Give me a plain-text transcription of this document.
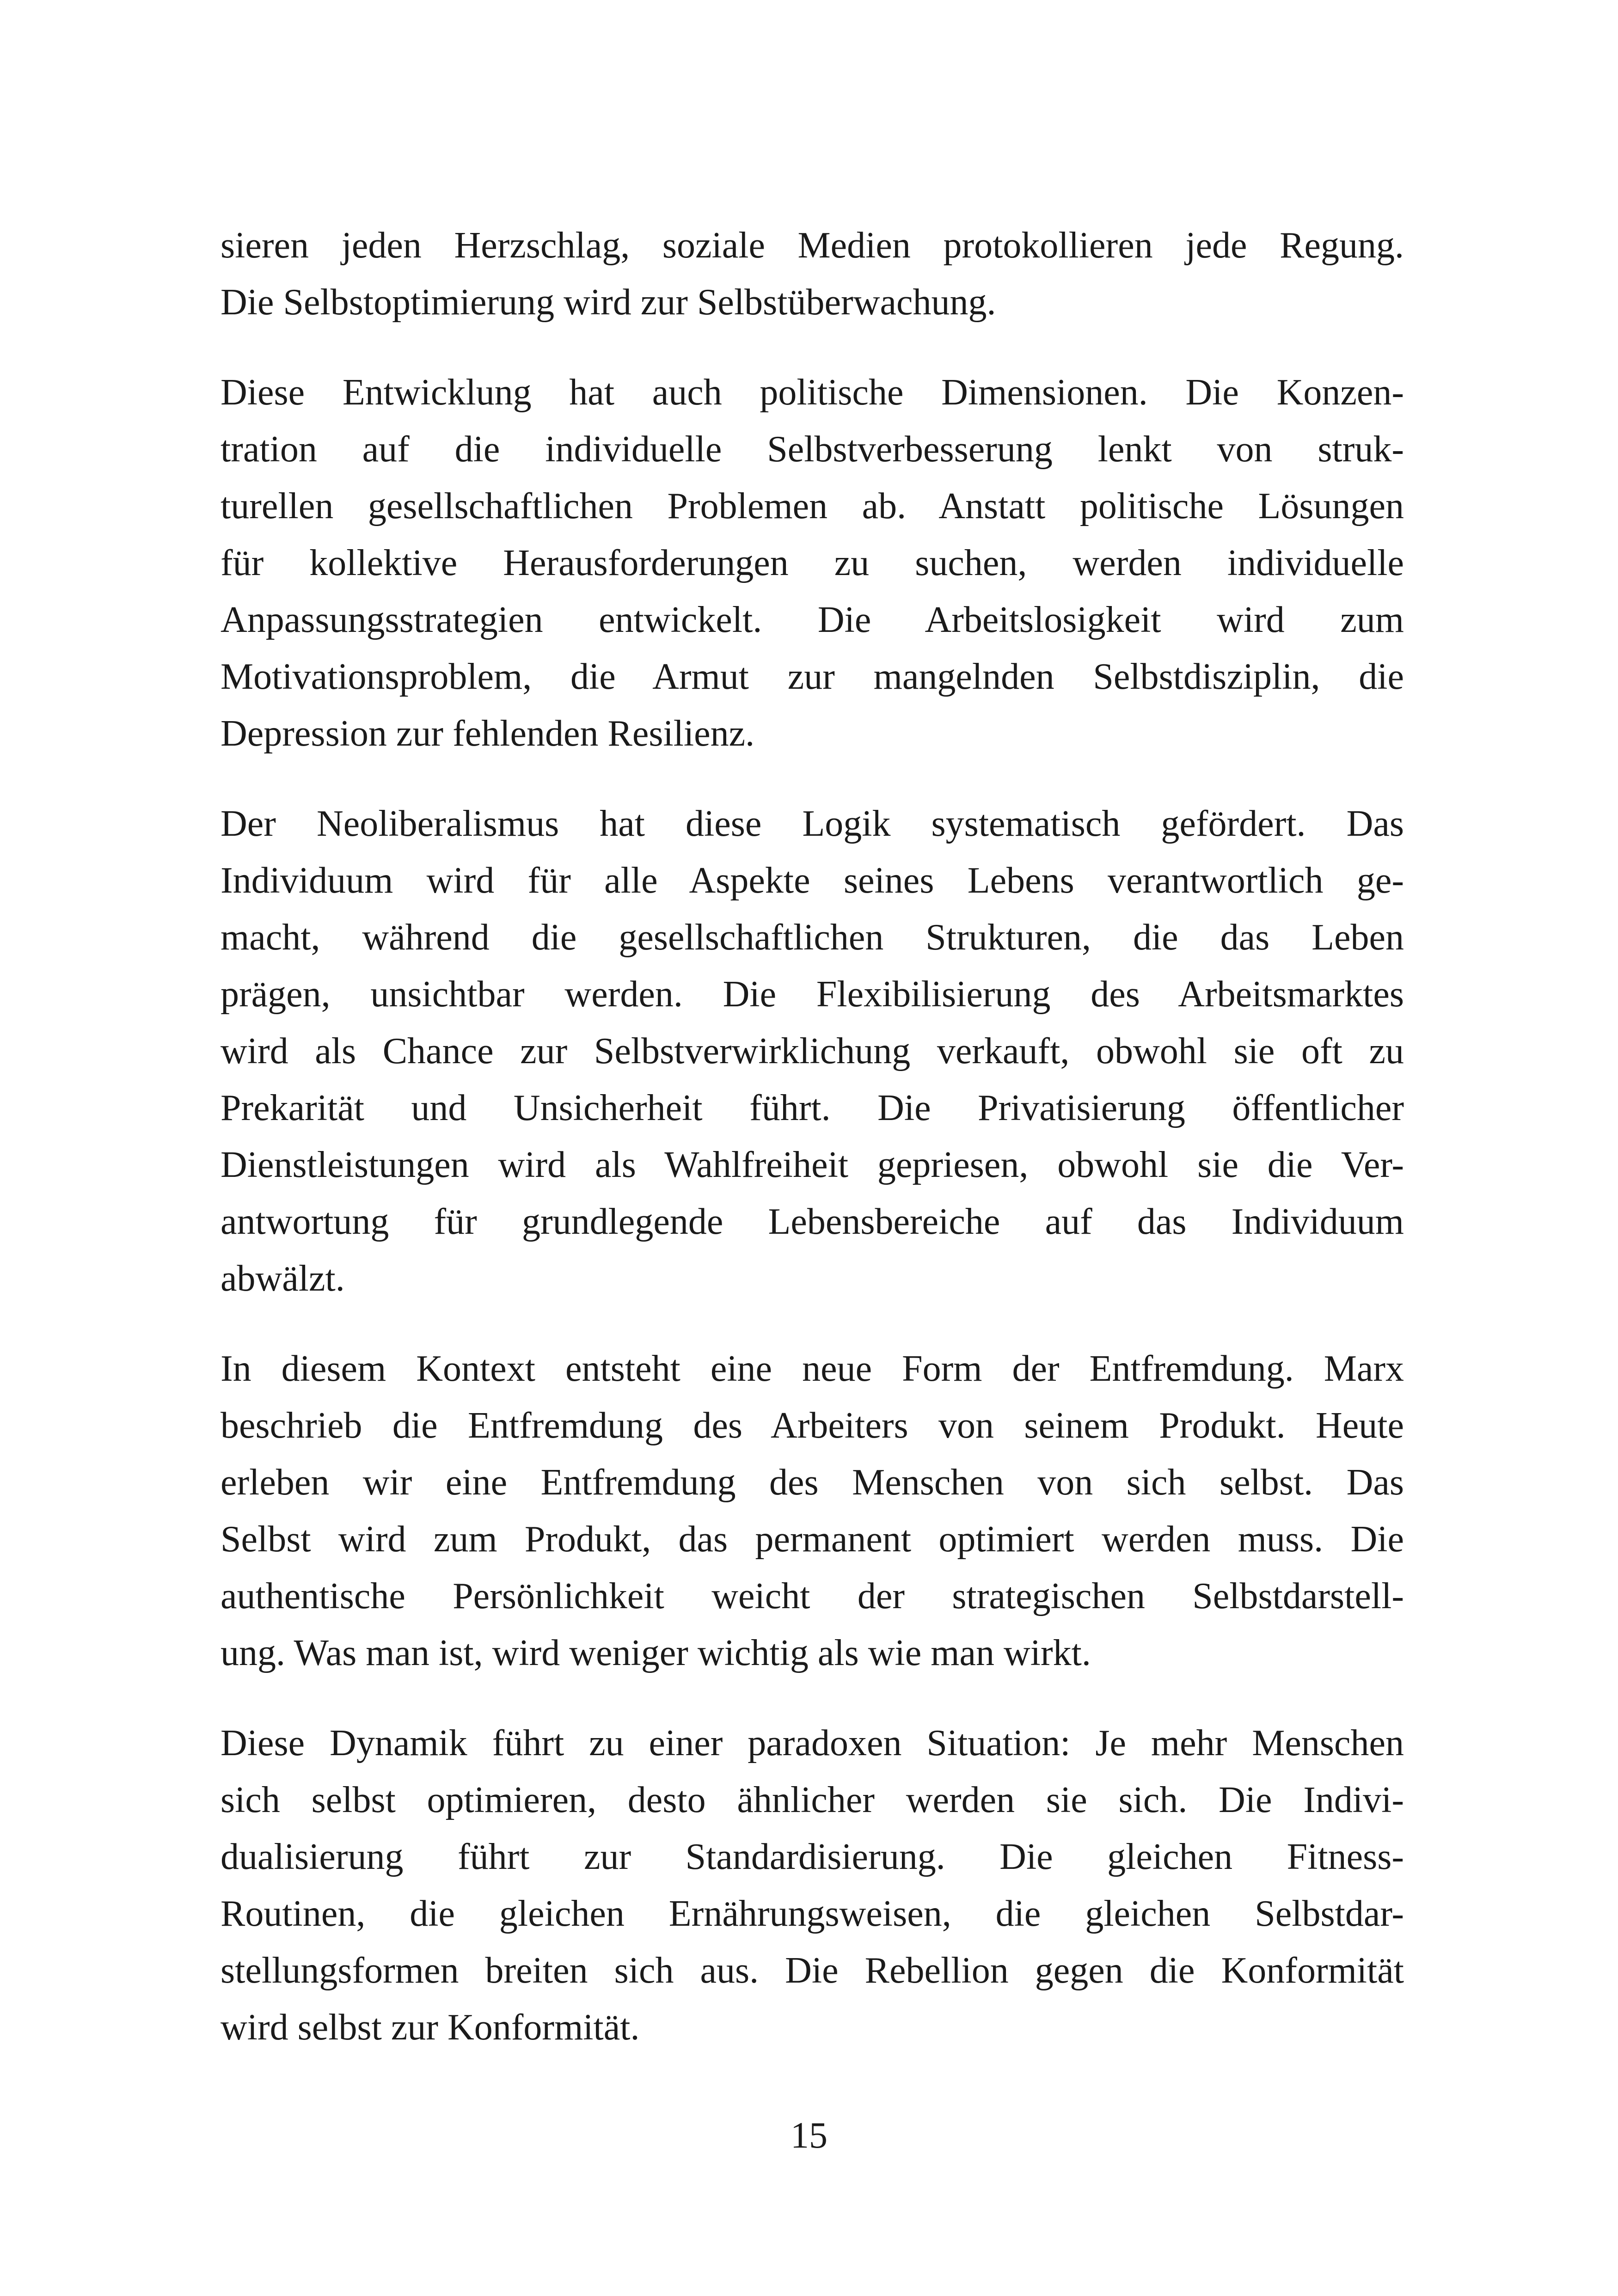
sieren jeden Herzschlag, soziale Medien protokollieren jede Regung.
Die Selbstoptimierung wird zur Selbstüberwachung.
Diese Entwicklung hat auch politische Dimensionen. Die Konzen-
tration auf die individuelle Selbstverbesserung lenkt von struk-
turellen gesellschaftlichen Problemen ab. Anstatt politische Lösungen
für kollektive Herausforderungen zu suchen, werden individuelle
Anpassungsstrategien entwickelt. Die Arbeitslosigkeit wird zum
Motivationsproblem, die Armut zur mangelnden Selbstdisziplin, die
Depression zur fehlenden Resilienz.
Der Neoliberalismus hat diese Logik systematisch gefördert. Das
Individuum wird für alle Aspekte seines Lebens verantwortlich ge-
macht, während die gesellschaftlichen Strukturen, die das Leben
prägen, unsichtbar werden. Die Flexibilisierung des Arbeitsmarktes
wird als Chance zur Selbstverwirklichung verkauft, obwohl sie oft zu
Prekarität und Unsicherheit führt. Die Privatisierung öffentlicher
Dienstleistungen wird als Wahlfreiheit gepriesen, obwohl sie die Ver-
antwortung für grundlegende Lebensbereiche auf das Individuum
abwälzt.
In diesem Kontext entsteht eine neue Form der Entfremdung. Marx
beschrieb die Entfremdung des Arbeiters von seinem Produkt. Heute
erleben wir eine Entfremdung des Menschen von sich selbst. Das
Selbst wird zum Produkt, das permanent optimiert werden muss. Die
authentische Persönlichkeit weicht der strategischen Selbstdarstell-
ung. Was man ist, wird weniger wichtig als wie man wirkt.
Diese Dynamik führt zu einer paradoxen Situation: Je mehr Menschen
sich selbst optimieren, desto ähnlicher werden sie sich. Die Indivi-
dualisierung führt zur Standardisierung. Die gleichen Fitness-
Routinen, die gleichen Ernährungsweisen, die gleichen Selbstdar-
stellungsformen breiten sich aus. Die Rebellion gegen die Konformität
wird selbst zur Konformität.
15
